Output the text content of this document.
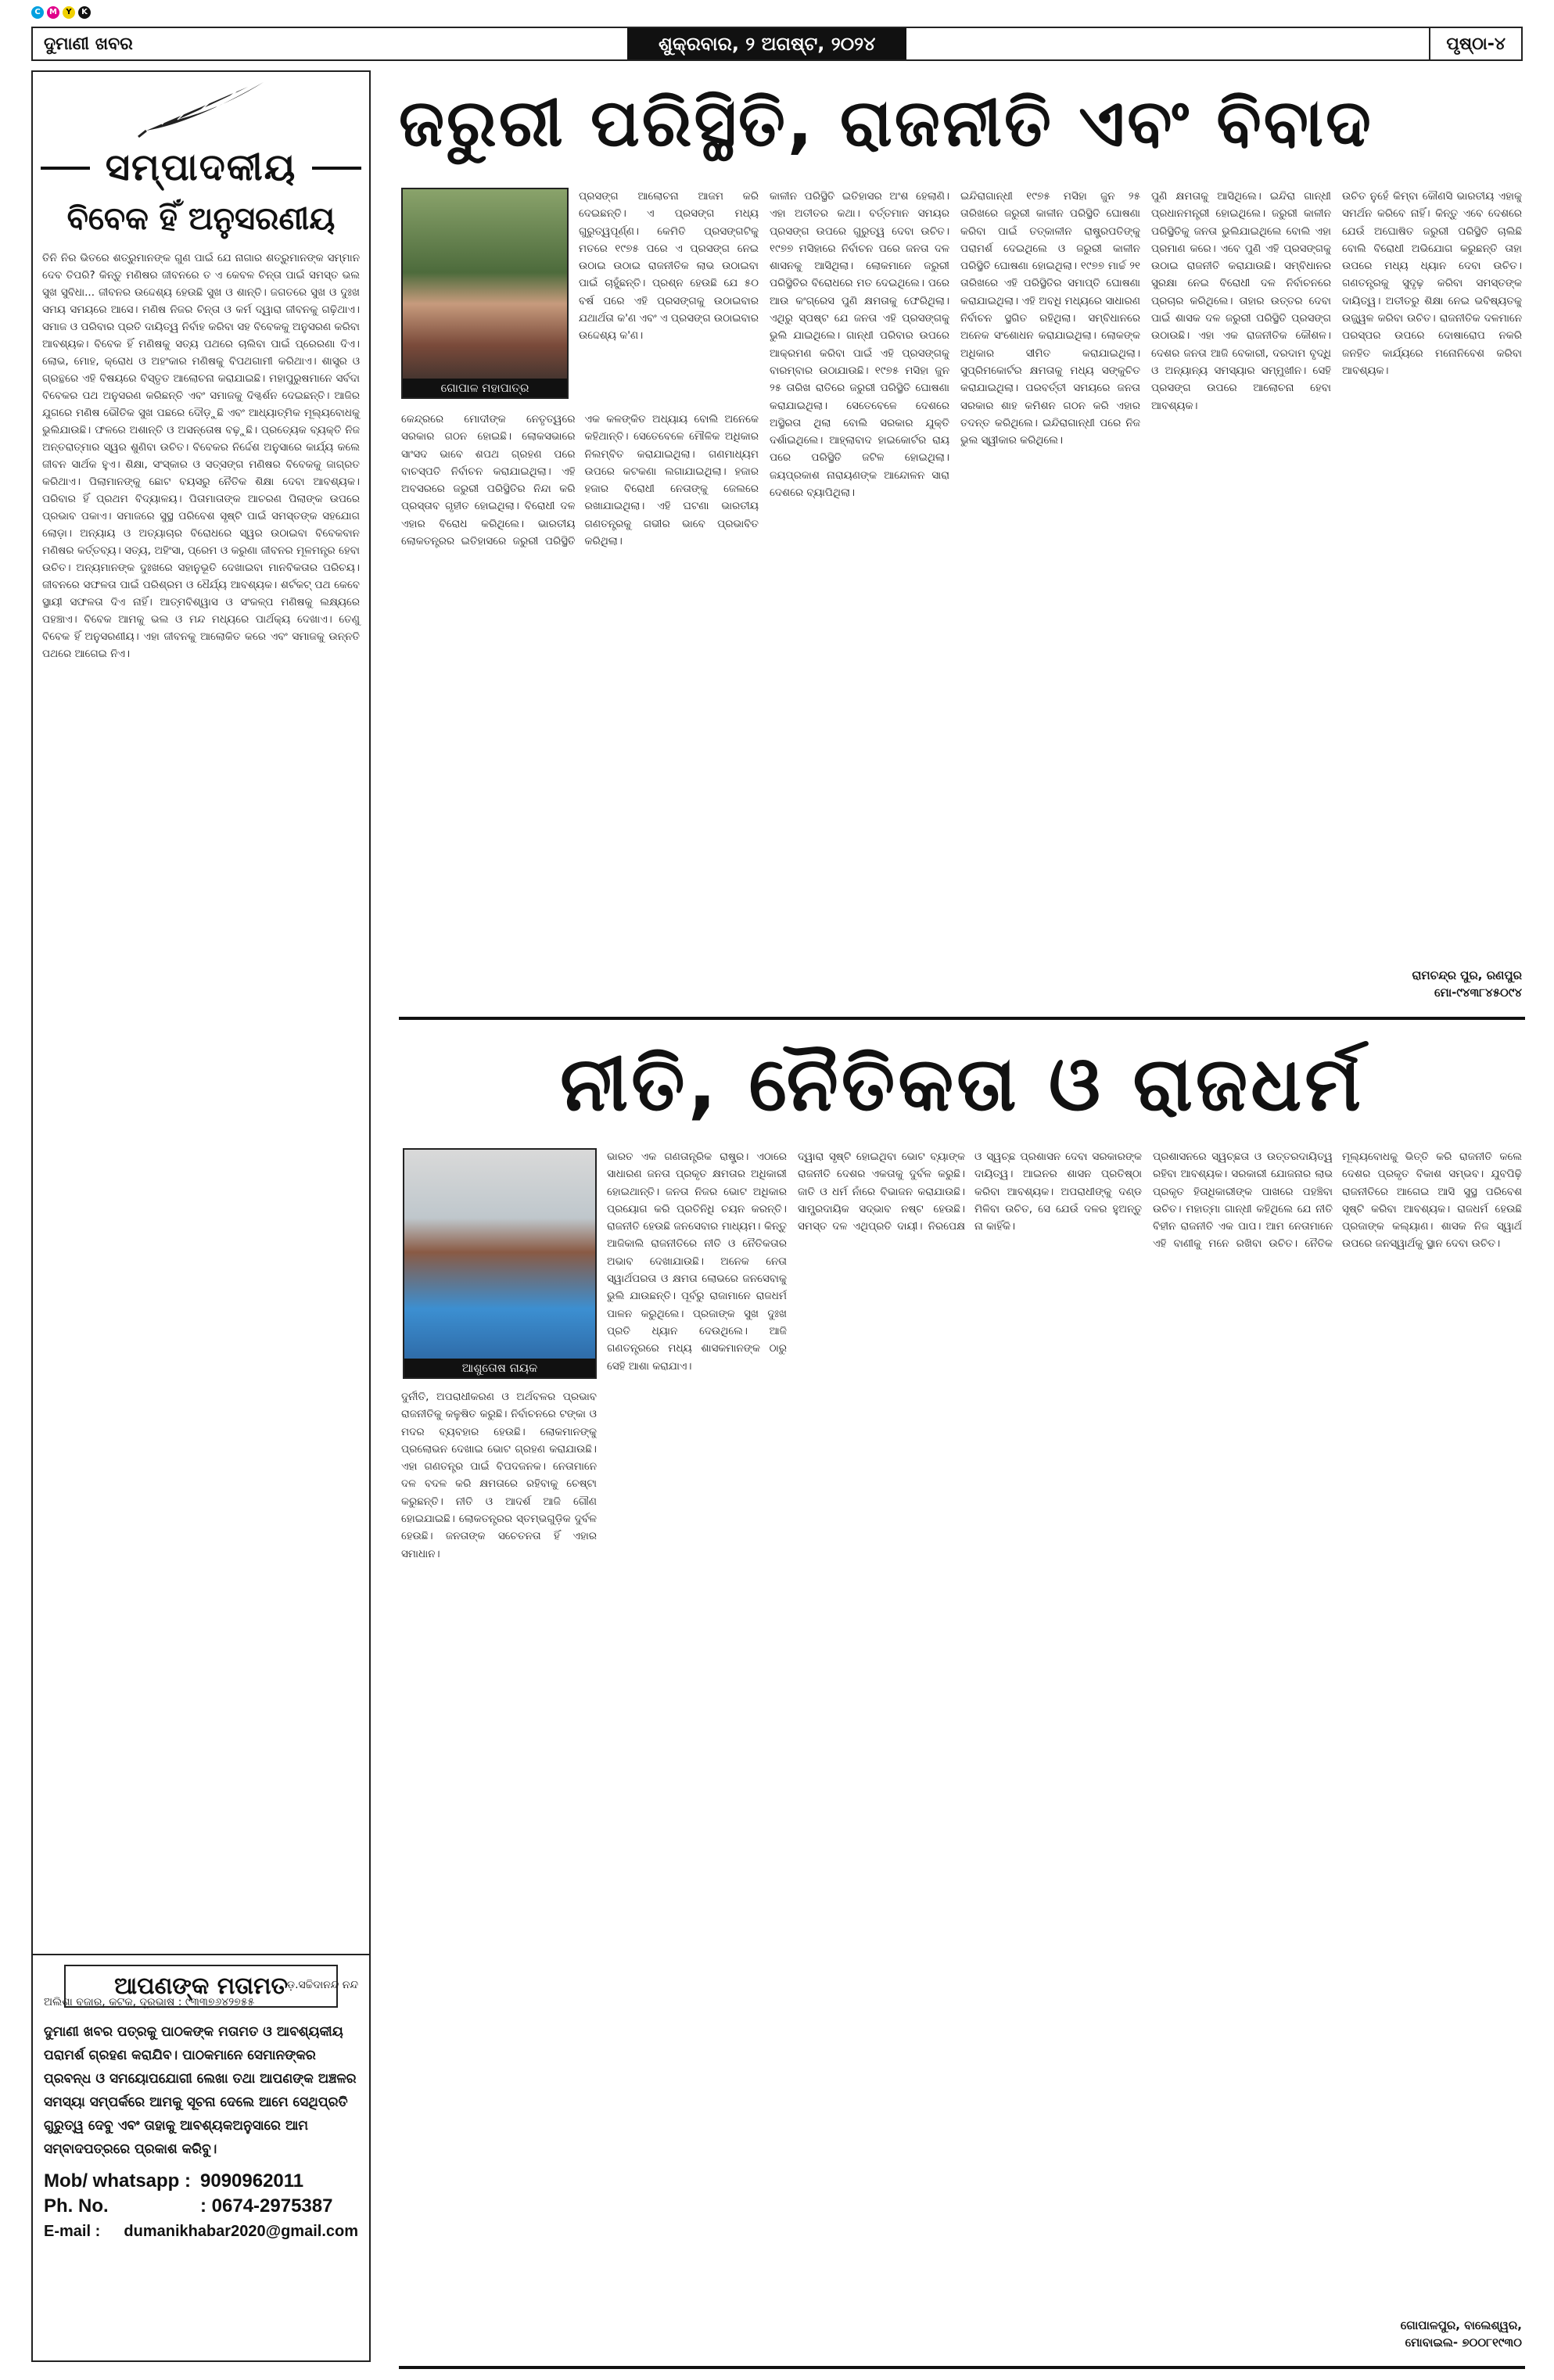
C	M	Y	K
ଦୁମାଣୀ ଖବର	ଶୁକ୍ରବାର, ୨ ଅଗଷ୍ଟ, ୨୦୨୪	ପୃଷ୍ଠା-୪
ସମ୍ପାଦକୀୟ
ବିବେକ ହିଁ ଅନୁସରଣୀୟ
ତିନି ନିର ଭିତରେ ଶତ୍ରୁମାନଙ୍କ ଗୁଣ ପାଇଁ ଯେ ନାଗାର ଶତ୍ରୁମାନଙ୍କ ସମ୍ମାନ ଦେବ ତିପରି? କିନ୍ତୁ ମଣିଷର ଜୀବନରେ ତ ଏ କେବଳ ଚିନ୍ତା ପାଇଁ ସମସ୍ତ ଭଲ ସୁଖ ସୁବିଧା... ଜୀବନର ଉଦ୍ଦେଶ୍ୟ ହେଉଛି ସୁଖ ଓ ଶାନ୍ତି। ଜଗତରେ ସୁଖ ଓ ଦୁଃଖ ସମୟ ସମୟରେ ଆସେ। ମଣିଷ ନିଜର ଚିନ୍ତା ଓ କର୍ମ ଦ୍ୱାରା ଜୀବନକୁ ଗଢ଼ିଥାଏ। ସମାଜ ଓ ପରିବାର ପ୍ରତି ଦାୟିତ୍ୱ ନିର୍ବାହ କରିବା ସହ ବିବେକକୁ ଅନୁସରଣ କରିବା ଆବଶ୍ୟକ। ବିବେକ ହିଁ ମଣିଷକୁ ସତ୍ୟ ପଥରେ ଚାଲିବା ପାଇଁ ପ୍ରେରଣା ଦିଏ। ଲୋଭ, ମୋହ, କ୍ରୋଧ ଓ ଅହଂକାର ମଣିଷକୁ ବିପଥଗାମୀ କରିଥାଏ। ଶାସ୍ତ୍ର ଓ ଗ୍ରନ୍ଥରେ ଏହି ବିଷୟରେ ବିସ୍ତୃତ ଆଲୋଚନା କରାଯାଇଛି। ମହାପୁରୁଷମାନେ ସର୍ବଦା ବିବେକର ପଥ ଅନୁସରଣ କରିଛନ୍ତି ଏବଂ ସମାଜକୁ ଦିଗ୍ଦର୍ଶନ ଦେଇଛନ୍ତି। ଆଜିର ଯୁଗରେ ମଣିଷ ଭୌତିକ ସୁଖ ପଛରେ ଦୌଡ଼ୁଛି ଏବଂ ଆଧ୍ୟାତ୍ମିକ ମୂଲ୍ୟବୋଧକୁ ଭୁଲିଯାଉଛି। ଫଳରେ ଅଶାନ୍ତି ଓ ଅସନ୍ତୋଷ ବଢ଼ୁଛି। ପ୍ରତ୍ୟେକ ବ୍ୟକ୍ତି ନିଜ ଅନ୍ତରାତ୍ମାର ସ୍ୱର ଶୁଣିବା ଉଚିତ। ବିବେକର ନିର୍ଦ୍ଦେଶ ଅନୁସାରେ କାର୍ଯ୍ୟ କଲେ ଜୀବନ ସାର୍ଥକ ହୁଏ। ଶିକ୍ଷା, ସଂସ୍କାର ଓ ସତ୍ସଙ୍ଗ ମଣିଷର ବିବେକକୁ ଜାଗ୍ରତ କରିଥାଏ। ପିଲାମାନଙ୍କୁ ଛୋଟ ବୟସରୁ ନୈତିକ ଶିକ୍ଷା ଦେବା ଆବଶ୍ୟକ। ପରିବାର ହିଁ ପ୍ରଥମ ବିଦ୍ୟାଳୟ। ପିତାମାତାଙ୍କ ଆଚରଣ ପିଲାଙ୍କ ଉପରେ ପ୍ରଭାବ ପକାଏ। ସମାଜରେ ସୁସ୍ଥ ପରିବେଶ ସୃଷ୍ଟି ପାଇଁ ସମସ୍ତଙ୍କ ସହଯୋଗ ଲୋଡ଼ା। ଅନ୍ୟାୟ ଓ ଅତ୍ୟାଚାର ବିରୋଧରେ ସ୍ୱର ଉଠାଇବା ବିବେକବାନ ମଣିଷର କର୍ତ୍ତବ୍ୟ। ସତ୍ୟ, ଅହିଂସା, ପ୍ରେମ ଓ କରୁଣା ଜୀବନର ମୂଳମନ୍ତ୍ର ହେବା ଉଚିତ। ଅନ୍ୟମାନଙ୍କ ଦୁଃଖରେ ସହାନୁଭୂତି ଦେଖାଇବା ମାନବିକତାର ପରିଚୟ। ଜୀବନରେ ସଫଳତା ପାଇଁ ପରିଶ୍ରମ ଓ ଧୈର୍ଯ୍ୟ ଆବଶ୍ୟକ। ଶର୍ଟକଟ୍ ପଥ କେବେ ସ୍ଥାୟୀ ସଫଳତା ଦିଏ ନାହିଁ। ଆତ୍ମବିଶ୍ୱାସ ଓ ସଂକଳ୍ପ ମଣିଷକୁ ଲକ୍ଷ୍ୟରେ ପହଞ୍ଚାଏ। ବିବେକ ଆମକୁ ଭଲ ଓ ମନ୍ଦ ମଧ୍ୟରେ ପାର୍ଥକ୍ୟ ଦେଖାଏ। ତେଣୁ ବିବେକ ହିଁ ଅନୁସରଣୀୟ। ଏହା ଜୀବନକୁ ଆଲୋକିତ କରେ ଏବଂ ସମାଜକୁ ଉନ୍ନତି ପଥରେ ଆଗେଇ ନିଏ।
ଡ଼.ସଚ୍ଚିଦାନନ୍ଦ ନନ୍ଦ
ଅଲିଶା ବଜାର, କଟକ, ଦୂରଭାଷ : ୯୩୩୭୬୪୨୭୫୫
ଆପଣଙ୍କ ମତାମତ
ଦୁମାଣୀ ଖବର ପତ୍ରକୁ ପାଠକଙ୍କ ମତାମତ ଓ ଆବଶ୍ୟକୀୟ ପରାମର୍ଶ ଗ୍ରହଣ କରାଯିବ। ପାଠକମାନେ ସେମାନଙ୍କର ପ୍ରବନ୍ଧ ଓ ସମୟୋପଯୋଗୀ ଲେଖା ତଥା ଆପଣଙ୍କ ଅଞ୍ଚଳର ସମସ୍ୟା ସମ୍ପର୍କରେ ଆମକୁ ସୂଚନା ଦେଲେ ଆମେ ସେଥିପ୍ରତି ଗୁରୁତ୍ୱ ଦେବୁ ଏବଂ ତାହାକୁ ଆବଶ୍ୟକଅନୁସାରେ ଆମ ସମ୍ବାଦପତ୍ରରେ ପ୍ରକାଶ କରିବୁ।
Mob/ whatsapp : 9090962011
Ph. No.	: 0674-2975387
E-mail :	dumanikhabar2020@gmail.com
ଜରୁରୀ ପରିସ୍ଥିତି, ରାଜନୀତି ଏବଂ ବିବାଦ
ଗୋପାଳ ମହାପାତ୍ର
ପ୍ରସଙ୍ଗ ଆଲୋଚନା ଆଜମ କରି ଦେଇଛନ୍ତି। ଏ ପ୍ରସଙ୍ଗ ମଧ୍ୟ ଗୁରୁତ୍ୱପୂର୍ଣ୍ଣ। କେମିତି ପ୍ରସଙ୍ଗଟିକୁ ମତରେ ୧୯୭୫ ପରେ ଏ ପ୍ରସଙ୍ଗ ନେଇ ଉଠାଇ ଉଠାଇ ରାଜନୀତିକ ଲାଭ ଉଠାଇବା ପାଇଁ ଚାହୁଁଛନ୍ତି। ପ୍ରଶ୍ନ ହେଉଛି ଯେ ୫୦ ବର୍ଷ ପରେ ଏହି ପ୍ରସଙ୍ଗକୁ ଉଠାଇବାର ଯଥାର୍ଥତା କ'ଣ ଏବଂ ଏ ପ୍ରସଙ୍ଗ ଉଠାଇବାର ଉଦ୍ଦେଶ୍ୟ କ'ଣ।
କେନ୍ଦ୍ରରେ ମୋଦୀଙ୍କ ନେତୃତ୍ୱରେ ସରକାର ଗଠନ ହୋଇଛି। ଲୋକସଭାରେ ସାଂସଦ ଭାବେ ଶପଥ ଗ୍ରହଣ ପରେ ବାଚସ୍ପତି ନିର୍ବାଚନ କରାଯାଇଥିଲା। ଏହି ଅବସରରେ ଜରୁରୀ ପରିସ୍ଥିତିର ନିନ୍ଦା କରି ପ୍ରସ୍ତାବ ଗୃହୀତ ହୋଇଥିଲା। ବିରୋଧୀ ଦଳ ଏହାର ବିରୋଧ କରିଥିଲେ। ଭାରତୀୟ ଲୋକତନ୍ତ୍ରର ଇତିହାସରେ ଜରୁରୀ ପରିସ୍ଥିତି ଏକ କଳଙ୍କିତ ଅଧ୍ୟାୟ ବୋଲି ଅନେକେ କହିଥାନ୍ତି। ସେତେବେଳେ ମୌଳିକ ଅଧିକାର ନିଲମ୍ବିତ କରାଯାଇଥିଲା। ଗଣମାଧ୍ୟମ ଉପରେ କଟକଣା ଲଗାଯାଇଥିଲା। ହଜାର ହଜାର ବିରୋଧୀ ନେତାଙ୍କୁ ଜେଲରେ ରଖାଯାଇଥିଲା। ଏହି ଘଟଣା ଭାରତୀୟ ଗଣତନ୍ତ୍ରକୁ ଗଭୀର ଭାବେ ପ୍ରଭାବିତ କରିଥିଲା।
କାଳୀନ ପରିସ୍ଥିତି ଇତିହାସର ଅଂଶ ହେଲାଣି। ଏହା ଅତୀତର କଥା। ବର୍ତ୍ତମାନ ସମୟର ପ୍ରସଙ୍ଗ ଉପରେ ଗୁରୁତ୍ୱ ଦେବା ଉଚିତ। ୧୯୭୭ ମସିହାରେ ନିର୍ବାଚନ ପରେ ଜନତା ଦଳ ଶାସନକୁ ଆସିଥିଲା। ଲୋକମାନେ ଜରୁରୀ ପରିସ୍ଥିତିର ବିରୋଧରେ ମତ ଦେଇଥିଲେ। ପରେ ଆଉ କଂଗ୍ରେସ ପୁଣି କ୍ଷମତାକୁ ଫେରିଥିଲା। ଏଥିରୁ ସ୍ପଷ୍ଟ ଯେ ଜନତା ଏହି ପ୍ରସଙ୍ଗକୁ ଭୁଲି ଯାଇଥିଲେ। ଗାନ୍ଧୀ ପରିବାର ଉପରେ ଆକ୍ରମଣ କରିବା ପାଇଁ ଏହି ପ୍ରସଙ୍ଗକୁ ବାରମ୍ବାର ଉଠାଯାଉଛି। ୧୯୭୫ ମସିହା ଜୁନ ୨୫ ତାରିଖ ରାତିରେ ଜରୁରୀ ପରିସ୍ଥିତି ଘୋଷଣା କରାଯାଇଥିଲା। ସେତେବେଳେ ଦେଶରେ ଅସ୍ଥିରତା ଥିଲା ବୋଲି ସରକାର ଯୁକ୍ତି ଦର୍ଶାଇଥିଲେ। ଆହ୍ଲାବାଦ ହାଇକୋର୍ଟର ରାୟ ପରେ ପରିସ୍ଥିତି ଜଟିଳ ହୋଇଥିଲା। ଜୟପ୍ରକାଶ ନାରାୟଣଙ୍କ ଆନ୍ଦୋଳନ ସାରା ଦେଶରେ ବ୍ୟାପିଥିଲା।
ଇନ୍ଦିରାଗାନ୍ଧୀ ୧୯୭୫ ମସିହା ଜୁନ ୨୫ ତାରିଖରେ ଜରୁରୀ କାଳୀନ ପରିସ୍ଥିତି ଘୋଷଣା କରିବା ପାଇଁ ତତ୍କାଳୀନ ରାଷ୍ଟ୍ରପତିଙ୍କୁ ପରାମର୍ଶ ଦେଇଥିଲେ ଓ ଜରୁରୀ କାଳୀନ ପରିସ୍ଥିତି ଘୋଷଣା ହୋଇଥିଲା। ୧୯୭୭ ମାର୍ଚ୍ଚ ୨୧ ତାରିଖରେ ଏହି ପରିସ୍ଥିତିର ସମାପ୍ତି ଘୋଷଣା କରାଯାଇଥିଲା। ଏହି ଅବଧି ମଧ୍ୟରେ ସାଧାରଣ ନିର୍ବାଚନ ସ୍ଥଗିତ ରହିଥିଲା। ସମ୍ବିଧାନରେ ଅନେକ ସଂଶୋଧନ କରାଯାଇଥିଲା। ଲୋକଙ୍କ ଅଧିକାର ସୀମିତ କରାଯାଇଥିଲା। ସୁପ୍ରିମକୋର୍ଟର କ୍ଷମତାକୁ ମଧ୍ୟ ସଙ୍କୁଚିତ କରାଯାଇଥିଲା। ପରବର୍ତ୍ତୀ ସମୟରେ ଜନତା ସରକାର ଶାହ କମିଶନ ଗଠନ କରି ଏହାର ତଦନ୍ତ କରିଥିଲେ। ଇନ୍ଦିରାଗାନ୍ଧୀ ପରେ ନିଜ ଭୁଲ ସ୍ୱୀକାର କରିଥିଲେ।
ପୁଣି କ୍ଷମତାକୁ ଆସିଥିଲେ। ଇନ୍ଦିରା ଗାନ୍ଧୀ ପ୍ରଧାନମନ୍ତ୍ରୀ ହୋଇଥିଲେ। ଜରୁରୀ କାଳୀନ ପରିସ୍ଥିତିକୁ ଜନତା ଭୁଲିଯାଇଥିଲେ ବୋଲି ଏହା ପ୍ରମାଣ କରେ। ଏବେ ପୁଣି ଏହି ପ୍ରସଙ୍ଗକୁ ଉଠାଇ ରାଜନୀତି କରାଯାଉଛି। ସମ୍ବିଧାନର ସୁରକ୍ଷା ନେଇ ବିରୋଧୀ ଦଳ ନିର୍ବାଚନରେ ପ୍ରଚାର କରିଥିଲେ। ତାହାର ଉତ୍ତର ଦେବା ପାଇଁ ଶାସକ ଦଳ ଜରୁରୀ ପରିସ୍ଥିତି ପ୍ରସଙ୍ଗ ଉଠାଉଛି। ଏହା ଏକ ରାଜନୀତିକ କୌଶଳ। ଦେଶର ଜନତା ଆଜି ବେକାରୀ, ଦରଦାମ ବୃଦ୍ଧି ଓ ଅନ୍ୟାନ୍ୟ ସମସ୍ୟାର ସମ୍ମୁଖୀନ। ସେହି ପ୍ରସଙ୍ଗ ଉପରେ ଆଲୋଚନା ହେବା ଆବଶ୍ୟକ।
ଉଚିତ ନୁହେଁ କିମ୍ବା କୌଣସି ଭାରତୀୟ ଏହାକୁ ସମର୍ଥନ କରିବେ ନାହିଁ। କିନ୍ତୁ ଏବେ ଦେଶରେ ଯେଉଁ ଅଘୋଷିତ ଜରୁରୀ ପରିସ୍ଥିତି ଚାଲିଛି ବୋଲି ବିରୋଧୀ ଅଭିଯୋଗ କରୁଛନ୍ତି ତାହା ଉପରେ ମଧ୍ୟ ଧ୍ୟାନ ଦେବା ଉଚିତ। ଗଣତନ୍ତ୍ରକୁ ସୁଦୃଢ଼ କରିବା ସମସ୍ତଙ୍କ ଦାୟିତ୍ୱ। ଅତୀତରୁ ଶିକ୍ଷା ନେଇ ଭବିଷ୍ୟତକୁ ଉଜ୍ଜ୍ୱଳ କରିବା ଉଚିତ। ରାଜନୀତିକ ଦଳମାନେ ପରସ୍ପର ଉପରେ ଦୋଷାରୋପ ନକରି ଜନହିତ କାର୍ଯ୍ୟରେ ମନୋନିବେଶ କରିବା ଆବଶ୍ୟକ।
ରାମଚନ୍ଦ୍ର ପୁର, ରଣପୁର
ମୋ-୯୪୩୮୪୫୦୯୪
ନୀତି, ନୈତିକତା ଓ ରାଜଧର୍ମ
ଆଶୁତୋଷ ନାୟକ
ଭାରତ ଏକ ଗଣତାନ୍ତ୍ରିକ ରାଷ୍ଟ୍ର। ଏଠାରେ ସାଧାରଣ ଜନତା ପ୍ରକୃତ କ୍ଷମତାର ଅଧିକାରୀ ହୋଇଥାନ୍ତି। ଜନତା ନିଜର ଭୋଟ ଅଧିକାର ପ୍ରୟୋଗ କରି ପ୍ରତିନିଧି ଚୟନ କରନ୍ତି। ରାଜନୀତି ହେଉଛି ଜନସେବାର ମାଧ୍ୟମ। କିନ୍ତୁ ଆଜିକାଲି ରାଜନୀତିରେ ନୀତି ଓ ନୈତିକତାର ଅଭାବ ଦେଖାଯାଉଛି। ଅନେକ ନେତା ସ୍ୱାର୍ଥପରତା ଓ କ୍ଷମତା ଲୋଭରେ ଜନସେବାକୁ ଭୁଲି ଯାଉଛନ୍ତି। ପୂର୍ବରୁ ରାଜାମାନେ ରାଜଧର୍ମ ପାଳନ କରୁଥିଲେ। ପ୍ରଜାଙ୍କ ସୁଖ ଦୁଃଖ ପ୍ରତି ଧ୍ୟାନ ଦେଉଥିଲେ। ଆଜି ଗଣତନ୍ତ୍ରରେ ମଧ୍ୟ ଶାସକମାନଙ୍କ ଠାରୁ ସେହି ଆଶା କରାଯାଏ।
ଦୁର୍ନୀତି, ଅପରାଧୀକରଣ ଓ ଅର୍ଥବଳର ପ୍ରଭାବ ରାଜନୀତିକୁ କଳୁଷିତ କରୁଛି। ନିର୍ବାଚନରେ ଟଙ୍କା ଓ ମଦର ବ୍ୟବହାର ହେଉଛି। ଲୋକମାନଙ୍କୁ ପ୍ରଲୋଭନ ଦେଖାଇ ଭୋଟ ଗ୍ରହଣ କରାଯାଉଛି। ଏହା ଗଣତନ୍ତ୍ର ପାଇଁ ବିପଦଜନକ। ନେତାମାନେ ଦଳ ବଦଳ କରି କ୍ଷମତାରେ ରହିବାକୁ ଚେଷ୍ଟା କରୁଛନ୍ତି। ନୀତି ଓ ଆଦର୍ଶ ଆଜି ଗୌଣ ହୋଇଯାଇଛି। ଲୋକତନ୍ତ୍ରର ସ୍ତମ୍ଭଗୁଡ଼ିକ ଦୁର୍ବଳ ହେଉଛି। ଜନତାଙ୍କ ସଚେତନତା ହିଁ ଏହାର ସମାଧାନ।
ଦ୍ୱାରା ସୃଷ୍ଟି ହୋଇଥିବା ଭୋଟ ବ୍ୟାଙ୍କ ରାଜନୀତି ଦେଶର ଏକତାକୁ ଦୁର୍ବଳ କରୁଛି। ଜାତି ଓ ଧର୍ମ ନାଁରେ ବିଭାଜନ କରାଯାଉଛି। ସାମ୍ପ୍ରଦାୟିକ ସଦ୍ଭାବ ନଷ୍ଟ ହେଉଛି। ସମସ୍ତ ଦଳ ଏଥିପ୍ରତି ଦାୟୀ। ନିରପେକ୍ଷ ଓ ସ୍ୱଚ୍ଛ ପ୍ରଶାସନ ଦେବା ସରକାରଙ୍କ ଦାୟିତ୍ୱ। ଆଇନର ଶାସନ ପ୍ରତିଷ୍ଠା କରିବା ଆବଶ୍ୟକ। ଅପରାଧୀଙ୍କୁ ଦଣ୍ଡ ମିଳିବା ଉଚିତ, ସେ ଯେଉଁ ଦଳର ହୁଅନ୍ତୁ ନା କାହିଁକି।
ପ୍ରଶାସନରେ ସ୍ୱଚ୍ଛତା ଓ ଉତ୍ତରଦାୟିତ୍ୱ ରହିବା ଆବଶ୍ୟକ। ସରକାରୀ ଯୋଜନାର ଲାଭ ପ୍ରକୃତ ହିତାଧିକାରୀଙ୍କ ପାଖରେ ପହଞ୍ଚିବା ଉଚିତ। ମହାତ୍ମା ଗାନ୍ଧୀ କହିଥିଲେ ଯେ ନୀତି ବିହୀନ ରାଜନୀତି ଏକ ପାପ। ଆମ ନେତାମାନେ ଏହି ବାଣୀକୁ ମନେ ରଖିବା ଉଚିତ। ନୈତିକ ମୂଲ୍ୟବୋଧକୁ ଭିତ୍ତି କରି ରାଜନୀତି କଲେ ଦେଶର ପ୍ରକୃତ ବିକାଶ ସମ୍ଭବ। ଯୁବପିଢ଼ି ରାଜନୀତିରେ ଆଗେଇ ଆସି ସୁସ୍ଥ ପରିବେଶ ସୃଷ୍ଟି କରିବା ଆବଶ୍ୟକ। ରାଜଧର୍ମ ହେଉଛି ପ୍ରଜାଙ୍କ କଲ୍ୟାଣ। ଶାସକ ନିଜ ସ୍ୱାର୍ଥ ଉପରେ ଜନସ୍ୱାର୍ଥକୁ ସ୍ଥାନ ଦେବା ଉଚିତ।
ଗୋପାଳପୁର, ବାଲେଶ୍ୱର,
ମୋବାଇଲ- ୭୦୦୮୧୯୩୦
